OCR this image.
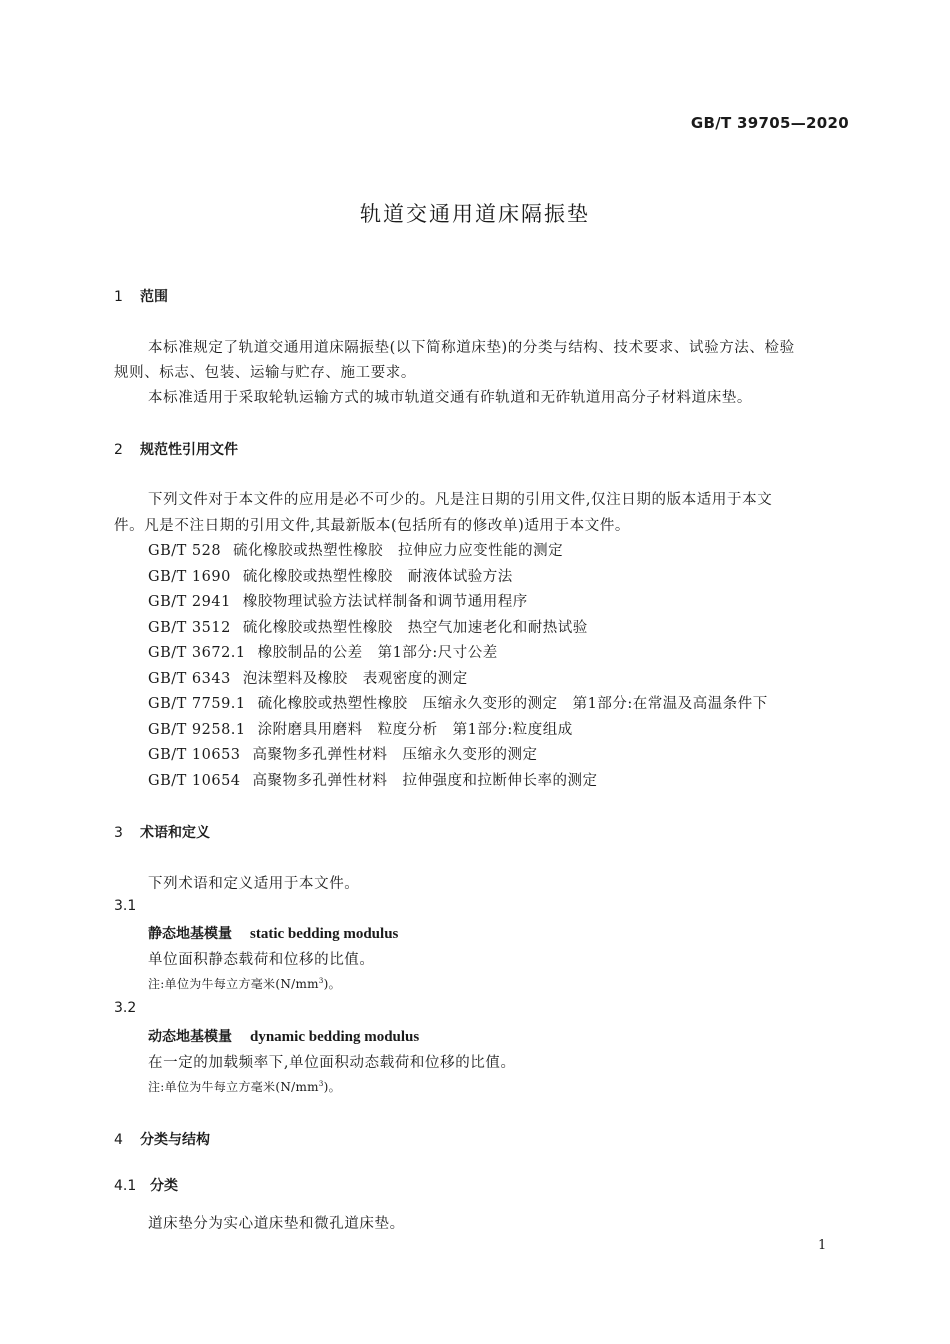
GB/T 39705—2020
轨道交通用道床隔振垫
1 范围
本标准规定了轨道交通用道床隔振垫(以下简称道床垫)的分类与结构、技术要求、试验方法、检验
规则、标志、包装、运输与贮存、施工要求。
本标准适用于采取轮轨运输方式的城市轨道交通有砟轨道和无砟轨道用高分子材料道床垫。
2 规范性引用文件
下列文件对于本文件的应用是必不可少的。凡是注日期的引用文件,仅注日期的版本适用于本文
件。凡是不注日期的引用文件,其最新版本(包括所有的修改单)适用于本文件。
GB/T 528 硫化橡胶或热塑性橡胶　拉伸应力应变性能的测定
GB/T 1690 硫化橡胶或热塑性橡胶　耐液体试验方法
GB/T 2941 橡胶物理试验方法试样制备和调节通用程序
GB/T 3512 硫化橡胶或热塑性橡胶　热空气加速老化和耐热试验
GB/T 3672.1 橡胶制品的公差　第1部分:尺寸公差
GB/T 6343 泡沫塑料及橡胶　表观密度的测定
GB/T 7759.1 硫化橡胶或热塑性橡胶　压缩永久变形的测定　第1部分:在常温及高温条件下
GB/T 9258.1 涂附磨具用磨料　粒度分析　第1部分:粒度组成
GB/T 10653 高聚物多孔弹性材料　压缩永久变形的测定
GB/T 10654 高聚物多孔弹性材料　拉伸强度和拉断伸长率的测定
3 术语和定义
下列术语和定义适用于本文件。
3.1
静态地基模量 static bedding modulus
单位面积静态载荷和位移的比值。
注:单位为牛每立方毫米$(N/mm^3)$。
3.2
动态地基模量 dynamic bedding modulus
在一定的加载频率下,单位面积动态载荷和位移的比值。
注:单位为牛每立方毫米$(N/mm^3)$。
4 分类与结构
4.1 分类
道床垫分为实心道床垫和微孔道床垫。
1
